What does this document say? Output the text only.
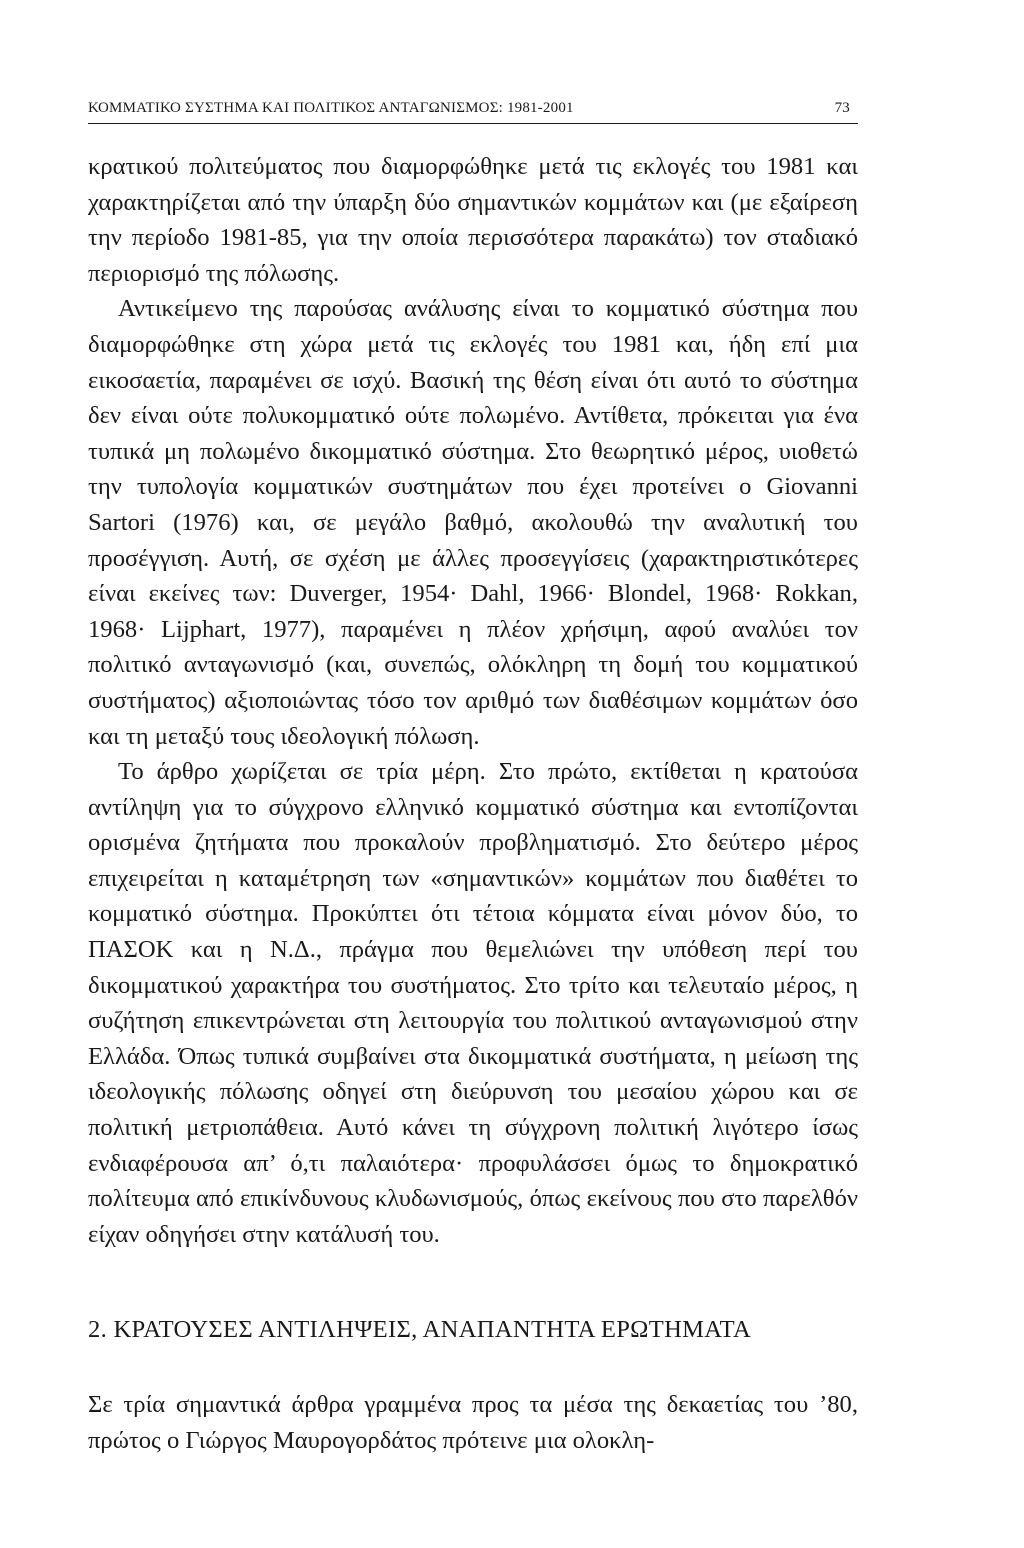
ΚΟΜΜΑΤΙΚΟ ΣΥΣΤΗΜΑ ΚΑΙ ΠΟΛΙΤΙΚΟΣ ΑΝΤΑΓΩΝΙΣΜΟΣ: 1981-2001	73

κρατικού πολιτεύματος που διαμορφώθηκε μετά τις εκλογές του 1981 και χαρακτηρίζεται από την ύπαρξη δύο σημαντικών κομμάτων και (με εξαίρεση την περίοδο 1981-85, για την οποία περισσότερα παρακάτω) τον σταδιακό περιορισμό της πόλωσης.

Αντικείμενο της παρούσας ανάλυσης είναι το κομματικό σύστημα που διαμορφώθηκε στη χώρα μετά τις εκλογές του 1981 και, ήδη επί μια εικοσαετία, παραμένει σε ισχύ. Βασική της θέση είναι ότι αυτό το σύστημα δεν είναι ούτε πολυκομματικό ούτε πολωμένο. Αντίθετα, πρόκειται για ένα τυπικά μη πολωμένο δικομματικό σύστημα. Στο θεωρητικό μέρος, υιοθετώ την τυπολογία κομματικών συστημάτων που έχει προτείνει ο Giovanni Sartori (1976) και, σε μεγάλο βαθμό, ακολουθώ την αναλυτική του προσέγγιση. Αυτή, σε σχέση με άλλες προσεγγίσεις (χαρακτηριστικότερες είναι εκείνες των: Duverger, 1954· Dahl, 1966· Blondel, 1968· Rokkan, 1968· Lijphart, 1977), παραμένει η πλέον χρήσιμη, αφού αναλύει τον πολιτικό ανταγωνισμό (και, συνεπώς, ολόκληρη τη δομή του κομματικού συστήματος) αξιοποιώντας τόσο τον αριθμό των διαθέσιμων κομμάτων όσο και τη μεταξύ τους ιδεολογική πόλωση.

Το άρθρο χωρίζεται σε τρία μέρη. Στο πρώτο, εκτίθεται η κρατούσα αντίληψη για το σύγχρονο ελληνικό κομματικό σύστημα και εντοπίζονται ορισμένα ζητήματα που προκαλούν προβληματισμό. Στο δεύτερο μέρος επιχειρείται η καταμέτρηση των «σημαντικών» κομμάτων που διαθέτει το κομματικό σύστημα. Προκύπτει ότι τέτοια κόμματα είναι μόνον δύο, το ΠΑΣΟΚ και η Ν.Δ., πράγμα που θεμελιώνει την υπόθεση περί του δικομματικού χαρακτήρα του συστήματος. Στο τρίτο και τελευταίο μέρος, η συζήτηση επικεντρώνεται στη λειτουργία του πολιτικού ανταγωνισμού στην Ελλάδα. Όπως τυπικά συμβαίνει στα δικομματικά συστήματα, η μείωση της ιδεολογικής πόλωσης οδηγεί στη διεύρυνση του μεσαίου χώρου και σε πολιτική μετριοπάθεια. Αυτό κάνει τη σύγχρονη πολιτική λιγότερο ίσως ενδιαφέρουσα απ’ ό,τι παλαιότερα· προφυλάσσει όμως το δημοκρατικό πολίτευμα από επικίνδυνους κλυδωνισμούς, όπως εκείνους που στο παρελθόν είχαν οδηγήσει στην κατάλυσή του.

2. ΚΡΑΤΟΥΣΕΣ ΑΝΤΙΛΗΨΕΙΣ, ΑΝΑΠΑΝΤΗΤΑ ΕΡΩΤΗΜΑΤΑ

Σε τρία σημαντικά άρθρα γραμμένα προς τα μέσα της δεκαετίας του ’80, πρώτος ο Γιώργος Μαυρογορδάτος πρότεινε μια ολοκλη-
